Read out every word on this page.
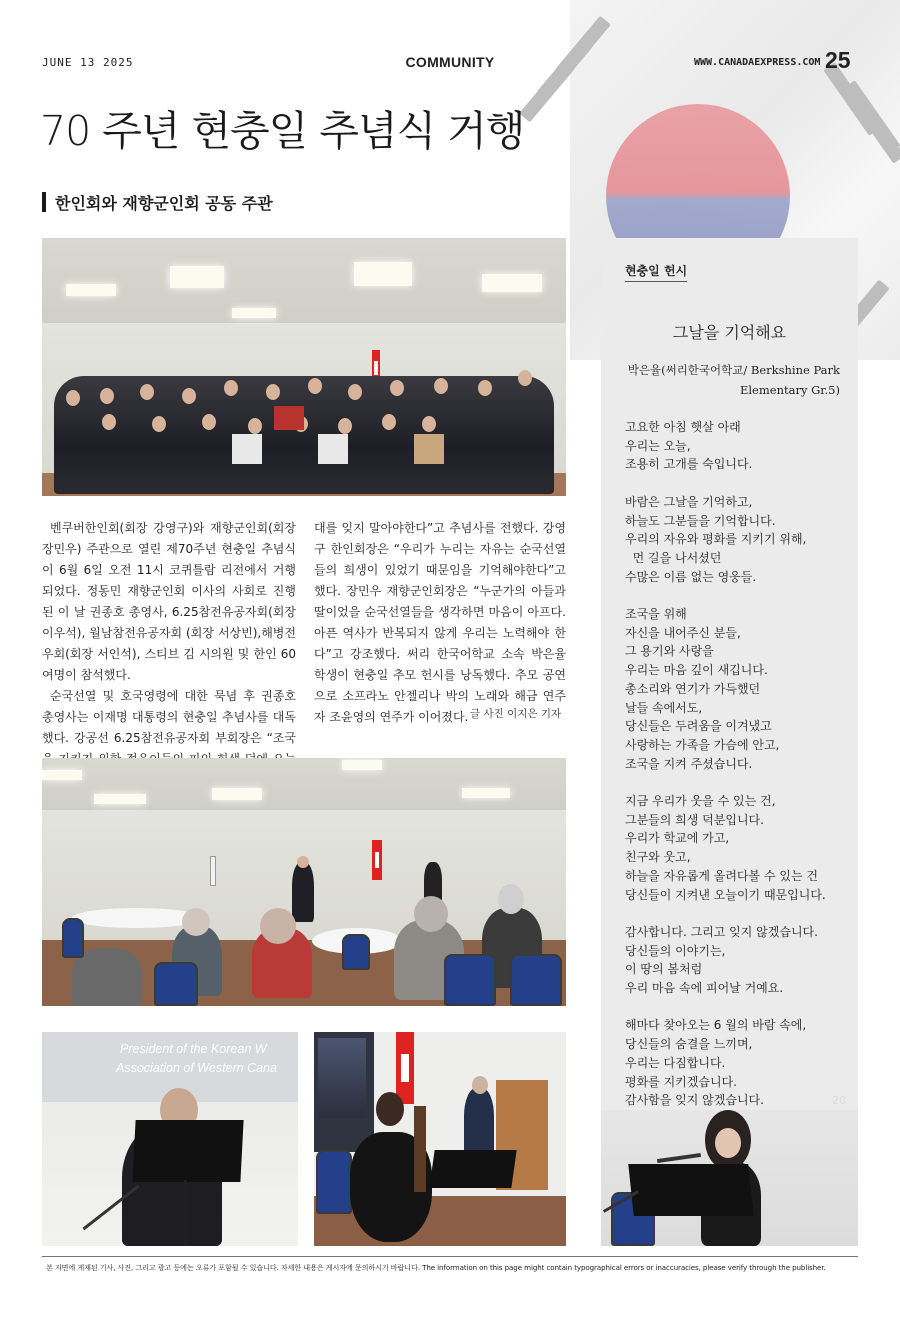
JUNE 13 2025	COMMUNITY	WWW.CANADAEXPRESS.COM 25
70 주년 현충일 추념식 거행
한인회와 재향군인회 공동 주관

벤쿠버한인회(회장 강영구)와 재향군인회(회장 장민우) 주관으로 열린 제70주년 현충일 추념식이 6월 6일 오전 11시 코퀴틀람 리전에서 거행되었다. 정동민 재향군인회 이사의 사회로 진행된 이 날 권종호 총영사, 6.25참전유공자회(회장 이우석), 월남참전유공자회 (회장 서상빈),해병전우회(회장 서인석), 스티브 김 시의원 및 한인 60여명이 참석했다.

순국선열 및 호국영령에 대한 묵념 후 권종호 총영사는 이재명 대통령의 현충일 추념사를 대독했다. 강공선 6.25참전유공자회 부회장은 “조국

대를 잊지 말아야한다”고 추념사를 전했다. 강영구 한인회장은 “우리가 누리는 자유는 순국선열들의 희생이 있었기 때문임을 기억해야한다”고 했다. 장민우 재향군인회장은 “누군가의 아들과 딸이었을 순국선열들을 생각하면 마음이 아프다. 아픈 역사가 반복되지 않게 우리는 노력해야 한다”고 강조했다. 써리 한국어학교 소속 박은율 학생이 현충일 추모 헌시를 낭독했다. 추모 공연으로 소프라노 안젤리나 박의 노래와 해금 연주자 조윤영의 연주가 이어졌다. 글 사진 이지은 기자
President of the Korean W
Association of Western Cana
현충일 헌시
그날을 기억해요
박은율(써리한국어학교/ Berkshine Park
Elementary Gr.5)
고요한 아침 햇살 아래
우리는 오늘,
조용히 고개를 숙입니다.
바람은 그날을 기억하고,
하늘도 그분들을 기억합니다.
우리의 자유와 평화를 지키기 위해,
먼 길을 나서셨던
수많은 이름 없는 영웅들.
조국을 위해
자신을 내어주신 분들,
그 용기와 사랑을
우리는 마음 깊이 새깁니다.
총소리와 연기가 가득했던
날들 속에서도,
당신들은 두려움을 이겨냈고
사랑하는 가족을 가슴에 안고,
조국을 지켜 주셨습니다.
지금 우리가 웃을 수 있는 건,
그분들의 희생 덕분입니다.
우리가 학교에 가고,
친구와 웃고,
하늘을 자유롭게 올려다볼 수 있는 건
당신들이 지켜낸 오늘이기 때문입니다.
감사합니다. 그리고 잊지 않겠습니다.
당신들의 이야기는,
이 땅의 봄처럼
우리 마음 속에 피어날 거예요.
해마다 찾아오는 6 월의 바람 속에,
당신들의 숨결을 느끼며,
우리는 다짐합니다.
평화를 지키겠습니다.
감사함을 잊지 않겠습니다.	20
본 지면에 게재된 기사, 사진, 그리고 광고 등에는 오류가 포함될 수 있습니다. 자세한 내용은 게시자에 문의하시기 바랍니다. The information on this page might contain typographical errors or inaccuracies, please verify through the publisher.
